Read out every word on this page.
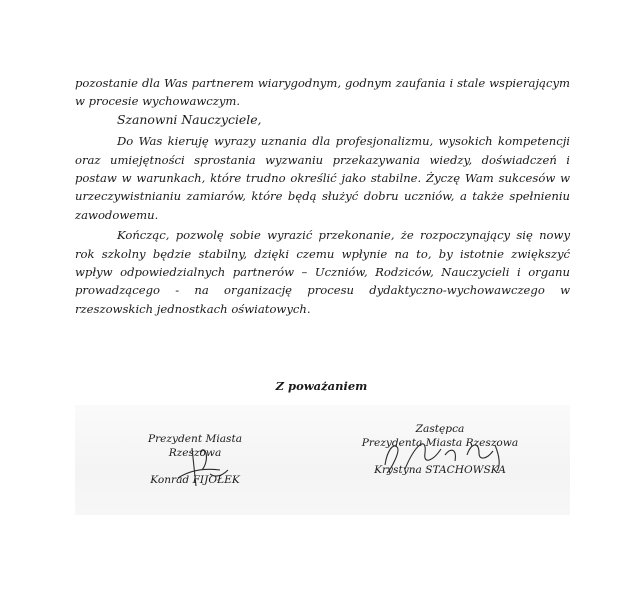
pozostanie dla Was partnerem wiarygodnym, godnym zaufania i stale wspierającym w procesie wychowawczym.

Szanowni Nauczyciele,

Do Was kieruję wyrazy uznania dla profesjonalizmu, wysokich kompetencji oraz umiejętności sprostania wyzwaniu przekazywania wiedzy, doświadczeń i postaw w warunkach, które trudno określić jako stabilne. Życzę Wam sukcesów w urzeczywistnianiu zamiarów, które będą służyć dobru uczniów, a także spełnieniu zawodowemu.

Kończąc, pozwolę sobie wyrazić przekonanie, że rozpoczynający się nowy rok szkolny będzie stabilny, dzięki czemu wpłynie na to, by istotnie zwiększyć wpływ odpowiedzialnych partnerów – Uczniów, Rodziców, Nauczycieli i organu prowadzącego - na organizację procesu dydaktyczno-wychowawczego w rzeszowskich jednostkach oświatowych.

Z poważaniem
Prezydent Miasta Rzeszowa
Konrad FIJOŁEK
Zastępca
Prezydenta Miasta Rzeszowa
Krystyna STACHOWSKA
